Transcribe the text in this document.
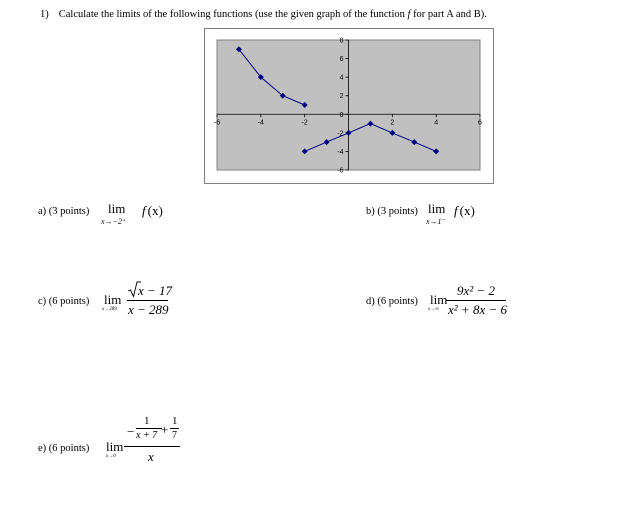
1) Calculate the limits of the following functions (use the given graph of the function f for part A and B).
-6	-4	-2	2	4	6
-6
-4
-2
0
2
4
6
8
a) (3 points) lim
x→−2⁺
f (x)	b) (3 points) lim
x→1⁻
f (x)
c) (6 points) lim
x→289
x − 17
x − 289
d) (6 points) lim
x→∞
9x² − 2
x² + 8x − 6
e) (6 points) lim
x→0
−
1
x + 7 +
1
7
x
